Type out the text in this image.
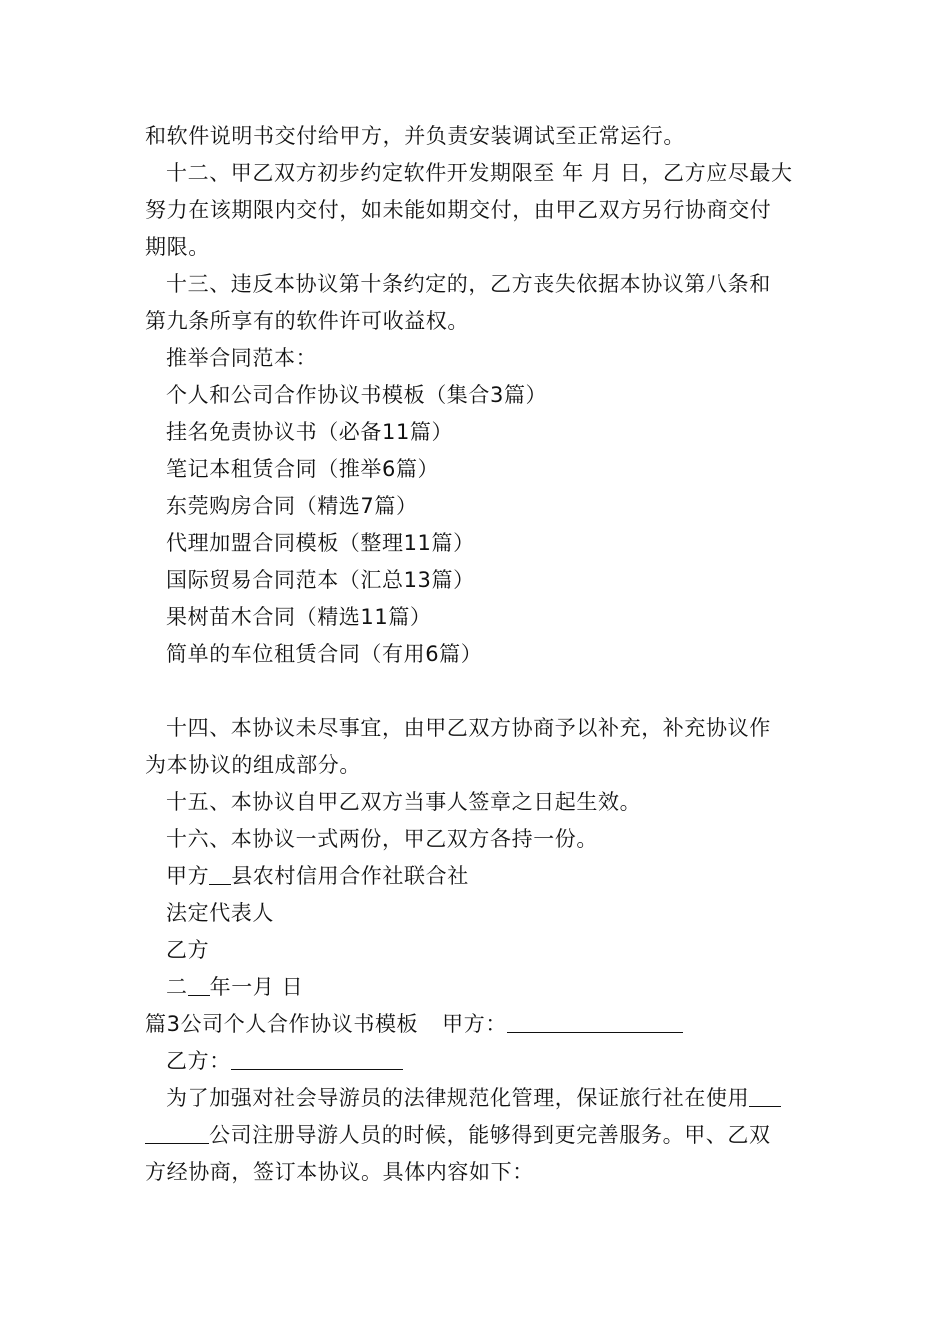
和软件说明书交付给甲方，并负责安装调试至正常运行。
十二、甲乙双方初步约定软件开发期限至 年 月 日，乙方应尽最大
努力在该期限内交付，如未能如期交付，由甲乙双方另行协商交付
期限。
十三、违反本协议第十条约定的，乙方丧失依据本协议第八条和
第九条所享有的软件许可收益权。
推举合同范本：
个人和公司合作协议书模板（集合3篇）
挂名免责协议书（必备11篇）
笔记本租赁合同（推举6篇）
东莞购房合同（精选7篇）
代理加盟合同模板（整理11篇）
国际贸易合同范本（汇总13篇）
果树苗木合同（精选11篇）
简单的车位租赁合同（有用6篇）
十四、本协议未尽事宜，由甲乙双方协商予以补充，补充协议作
为本协议的组成部分。
十五、本协议自甲乙双方当事人签章之日起生效。
十六、本协议一式两份，甲乙双方各持一份。
甲方 县农村信用合作社联合社
法定代表人
乙方
二 年一月 日
篇3公司个人合作协议书模板 甲方：
乙方：
为了加强对社会导游员的法律规范化管理，保证旅行社在使用
公司注册导游人员的时候，能够得到更完善服务。甲、乙双
方经协商，签订本协议。具体内容如下：
